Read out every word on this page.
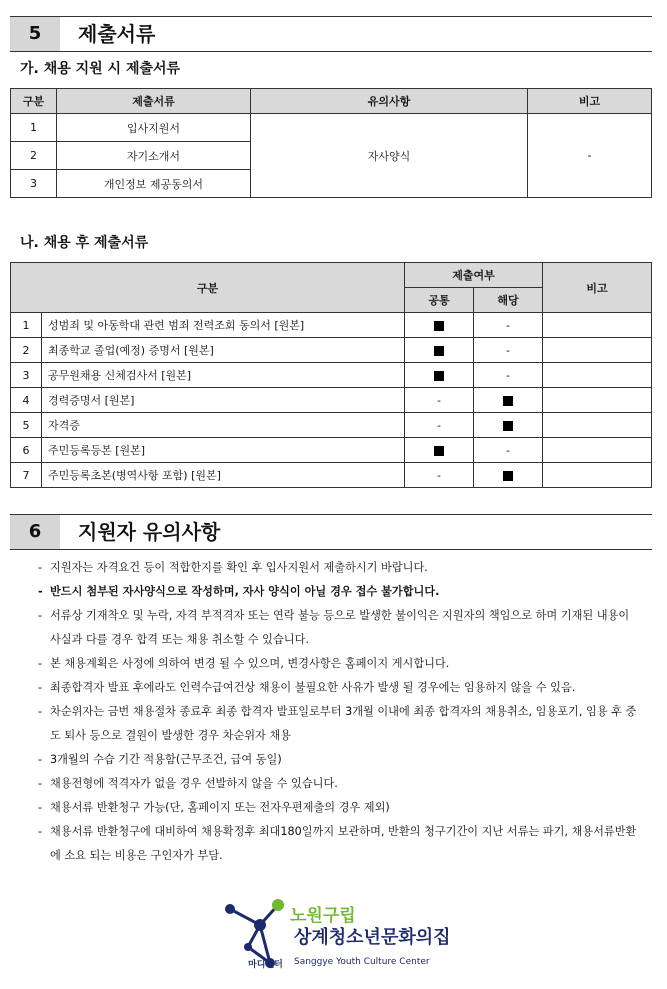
5	제출서류
가. 채용 지원 시 제출서류
구분	제출서류	유의사항	비고
1	입사지원서	자사양식	-
2	자기소개서		
3	개인정보 제공동의서		
나. 채용 후 제출서류
구분		제출여부		비고
		공통	해당	
1	성범죄 및 아동학대 관련 범죄 전력조회 동의서 [원본]		-	
2	최종학교 졸업(예정) 증명서 [원본]		-	
3	공무원채용 신체검사서 [원본]		-	
4	경력증명서 [원본]	-		
5	자격증	-		
6	주민등록등본 [원본]		-	
7	주민등록초본(병역사항 포함) [원본]	-		
6	지원자 유의사항
- 지원자는 자격요건 등이 적합한지를 확인 후 입사지원서 제출하시기 바랍니다.
- 반드시 첨부된 자사양식으로 작성하며, 자사 양식이 아닐 경우 접수 불가합니다.
- 서류상 기재착오 및 누락, 자격 부적격자 또는 연락 불능 등으로 발생한 불이익은 지원자의 책임으로 하며 기재된 내용이 사실과 다를 경우 합격 또는 채용 취소할 수 있습니다.
- 본 채용계획은 사정에 의하여 변경 될 수 있으며, 변경사항은 홈페이지 게시합니다.
- 최종합격자 발표 후에라도 인력수급여건상 채용이 불필요한 사유가 발생 될 경우에는 임용하지 않을 수 있음.
- 차순위자는 금번 채용절차 종료후 최종 합격자 발표일로부터 3개월 이내에 최종 합격자의 채용취소, 임용포기, 임용 후 중도 퇴사 등으로 결원이 발생한 경우 차순위자 채용
- 3개월의 수습 기간 적용함(근무조건, 급여 동일)
- 채용전형에 적격자가 없을 경우 선발하지 않을 수 있습니다.
- 채용서류 반환청구 가능(단, 홈페이지 또는 전자우편제출의 경우 제외)
- 채용서류 반환청구에 대비하여 채용확정후 최대180일까지 보관하며, 반환의 청구기간이 지난 서류는 파기, 채용서류반환에 소요 되는 비용은 구인자가 부담.
노원구립
상계청소년문화의집
마디센터 Sanggye Youth Culture Center
